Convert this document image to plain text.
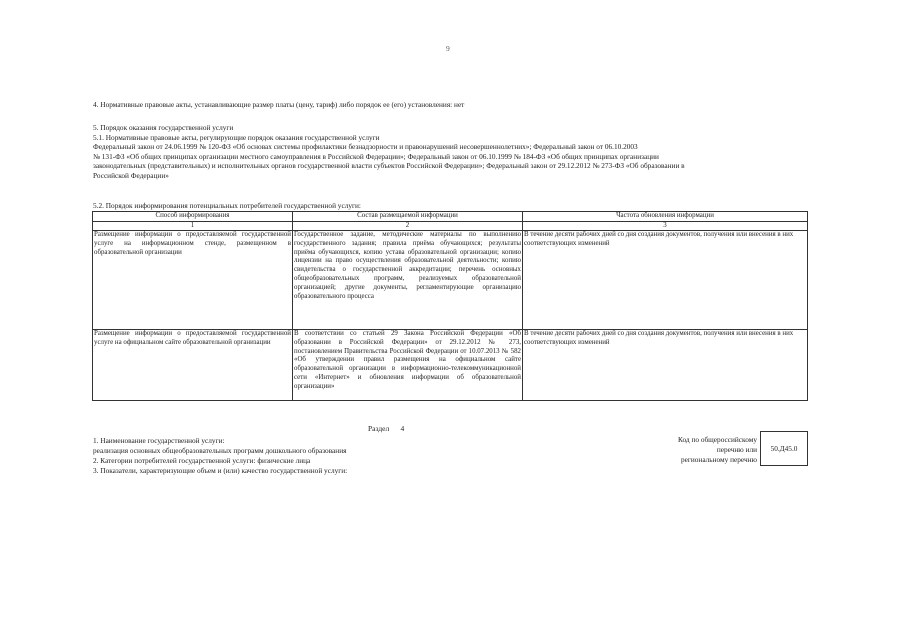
9
4. Нормативные правовые акты, устанавливающие размер платы (цену, тариф) либо порядок ее (его) установления: нет
5. Порядок оказания государственной услуги
5.1. Нормативные правовые акты, регулирующие порядок оказания государственной услуги
Федеральный закон от 24.06.1999 № 120-ФЗ «Об основах системы профилактики безнадзорности и правонарушений несовершеннолетних»; Федеральный закон от 06.10.2003
№ 131-ФЗ «Об общих принципах организации местного самоуправления в Российской Федерации»; Федеральный закон от 06.10.1999 № 184-ФЗ «Об общих принципах организации
законодательных (представительных) и исполнительных органов государственной власти субъектов Российской Федерации»; Федеральный закон от 29.12.2012 № 273-ФЗ «Об образовании в
Российской Федерации»
5.2. Порядок информирования потенциальных потребителей государственной услуги:
Способ информирования	Состав размещаемой информации	Частота обновления информации
1	2	3
Размещение информации о предоставляемой государственной услуге на информационном стенде, размещенном в образовательной организации	Государственное задание, методические материалы по выполнению государственного задания; правила приёма обучающихся; результаты приёма обучающихся, копию устава образовательной организации; копию лицензии на право осуществления образовательной деятельности; копию свидетельства о государственной аккредитации; перечень основных общеобразовательных программ, реализуемых образовательной организацией; другие документы, регламентирующие организацию образовательного процесса	В течение десяти рабочих дней со дня создания документов, получения или внесения в них соответствующих изменений
Размещение информации о предоставляемой государственной услуге на официальном сайте образовательной организации	В соответствии со статьей 29 Закона Российской Федерации «Об образовании в Российской Федерации» от 29.12.2012 № 273, постановлением Правительства Российской Федерации от 10.07.2013 № 582 «Об утверждении правил размещения на официальном сайте образовательной организации в информационно-телекоммуникационной сети «Интернет» и обновления информации об образовательной организации»	В течение десяти рабочих дней со дня создания документов, получения или внесения в них соответствующих изменений
Раздел 4
1. Наименование государственной услуги:
реализация основных общеобразовательных программ дошкольного образования
2. Категории потребителей государственной услуги: физические лица
3. Показатели, характеризующие объем и (или) качество государственной услуги:
Код по общероссийскому
перечню или
региональному перечню
50.Д45.0
